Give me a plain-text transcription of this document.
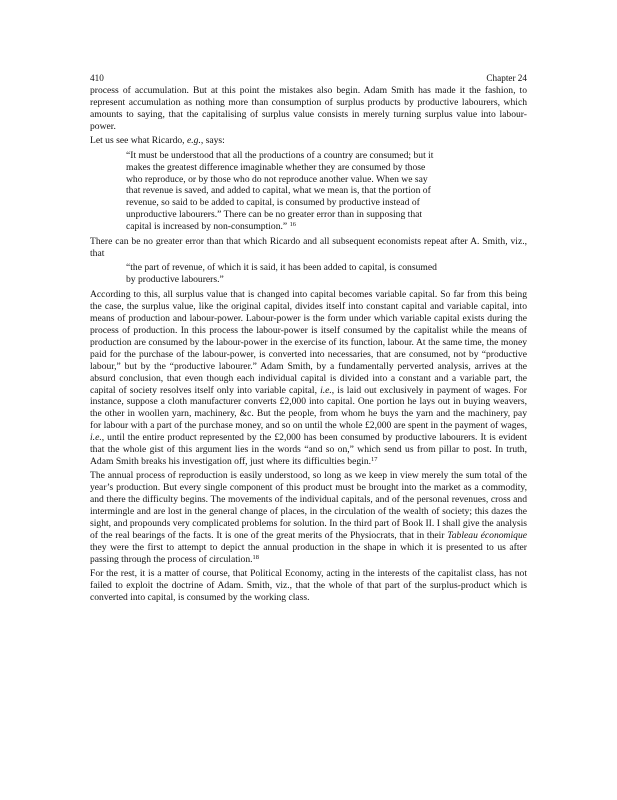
410	Chapter 24

process of accumulation. But at this point the mistakes also begin. Adam Smith has made it the fashion, to represent accumulation as nothing more than consumption of surplus products by productive labourers, which amounts to saying, that the capitalising of surplus value consists in merely turning surplus value into labour-power.

Let us see what Ricardo, e.g., says:

“It must be understood that all the productions of a country are consumed; but it
makes the greatest difference imaginable whether they are consumed by those
who reproduce, or by those who do not reproduce another value. When we say
that revenue is saved, and added to capital, what we mean is, that the portion of
revenue, so said to be added to capital, is consumed by productive instead of
unproductive labourers.” There can be no greater error than in supposing that
capital is increased by non-consumption.” $^{16}$

There can be no greater error than that which Ricardo and all subsequent economists repeat after A. Smith, viz., that

“the part of revenue, of which it is said, it has been added to capital, is consumed
by productive labourers.”

According to this, all surplus value that is changed into capital becomes variable capital. So far from this being the case, the surplus value, like the original capital, divides itself into constant capital and variable capital, into means of production and labour-power. Labour-power is the form under which variable capital exists during the process of production. In this process the labour-power is itself consumed by the capitalist while the means of production are consumed by the labour-power in the exercise of its function, labour. At the same time, the money paid for the purchase of the labour-power, is converted into necessaries, that are consumed, not by “productive labour,” but by the “productive labourer.” Adam Smith, by a fundamentally perverted analysis, arrives at the absurd conclusion, that even though each individual capital is divided into a constant and a variable part, the capital of society resolves itself only into variable capital, i.e., is laid out exclusively in payment of wages. For instance, suppose a cloth manufacturer converts £2,000 into capital. One portion he lays out in buying weavers, the other in woollen yarn, machinery, &c. But the people, from whom he buys the yarn and the machinery, pay for labour with a part of the purchase money, and so on until the whole £2,000 are spent in the payment of wages, i.e., until the entire product represented by the £2,000 has been consumed by productive labourers. It is evident that the whole gist of this argument lies in the words “and so on,” which send us from pillar to post. In truth, Adam Smith breaks his investigation off, just where its difficulties begin.$^{17}$

The annual process of reproduction is easily understood, so long as we keep in view merely the sum total of the year’s production. But every single component of this product must be brought into the market as a commodity, and there the difficulty begins. The movements of the individual capitals, and of the personal revenues, cross and intermingle and are lost in the general change of places, in the circulation of the wealth of society; this dazes the sight, and propounds very complicated problems for solution. In the third part of Book II. I shall give the analysis of the real bearings of the facts. It is one of the great merits of the Physiocrats, that in their Tableau économique they were the first to attempt to depict the annual production in the shape in which it is presented to us after passing through the process of circulation.$^{18}$

For the rest, it is a matter of course, that Political Economy, acting in the interests of the capitalist class, has not failed to exploit the doctrine of Adam. Smith, viz., that the whole of that part of the surplus-product which is converted into capital, is consumed by the working class.
